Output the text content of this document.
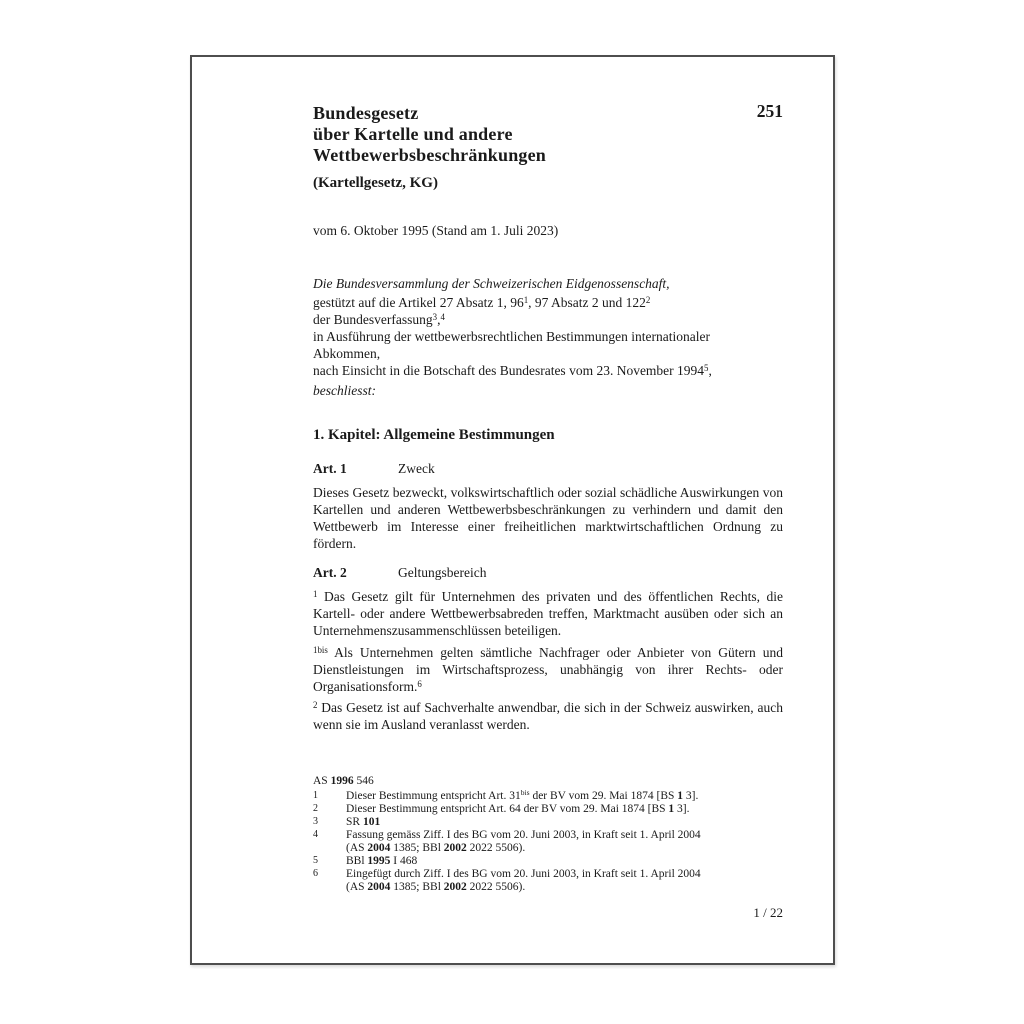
251
Bundesgesetz
über Kartelle und andere
Wettbewerbsbeschränkungen
(Kartellgesetz, KG)
vom 6. Oktober 1995 (Stand am 1. Juli 2023)
Die Bundesversammlung der Schweizerischen Eidgenossenschaft,
gestützt auf die Artikel 27 Absatz 1, $96^1$, 97 Absatz 2 und $122^2$
der Bundesverfassung$^3$,$^4$
in Ausführung der wettbewerbsrechtlichen Bestimmungen internationaler
Abkommen,
nach Einsicht in die Botschaft des Bundesrates vom 23. November 1994$^5$,
beschliesst:
1. Kapitel: Allgemeine Bestimmungen
Art. 1	Zweck
Dieses Gesetz bezweckt, volkswirtschaftlich oder sozial schädliche Auswirkungen von Kartellen und anderen Wettbewerbsbeschränkungen zu verhindern und damit den Wettbewerb im Interesse einer freiheitlichen marktwirtschaftlichen Ordnung zu fördern.
Art. 2	Geltungsbereich
$^1$ Das Gesetz gilt für Unternehmen des privaten und des öffentlichen Rechts, die Kartell- oder andere Wettbewerbsabreden treffen, Marktmacht ausüben oder sich an Unternehmenszusammenschlüssen beteiligen.
$^{1bis}$ Als Unternehmen gelten sämtliche Nachfrager oder Anbieter von Gütern und Dienstleistungen im Wirtschaftsprozess, unabhängig von ihrer Rechts- oder Organisationsform.$^6$
$^2$ Das Gesetz ist auf Sachverhalte anwendbar, die sich in der Schweiz auswirken, auch wenn sie im Ausland veranlasst werden.
AS 1996 546
1	Dieser Bestimmung entspricht Art. $31^{bis}$ der BV vom 29. Mai 1874 [BS 1 3].
2	Dieser Bestimmung entspricht Art. 64 der BV vom 29. Mai 1874 [BS 1 3].
3	SR 101
4	Fassung gemäss Ziff. I des BG vom 20. Juni 2003, in Kraft seit 1. April 2004
(AS 2004 1385; BBl 2002 2022 5506).
5	BBl 1995 I 468
6	Eingefügt durch Ziff. I des BG vom 20. Juni 2003, in Kraft seit 1. April 2004
(AS 2004 1385; BBl 2002 2022 5506).
1 / 22
